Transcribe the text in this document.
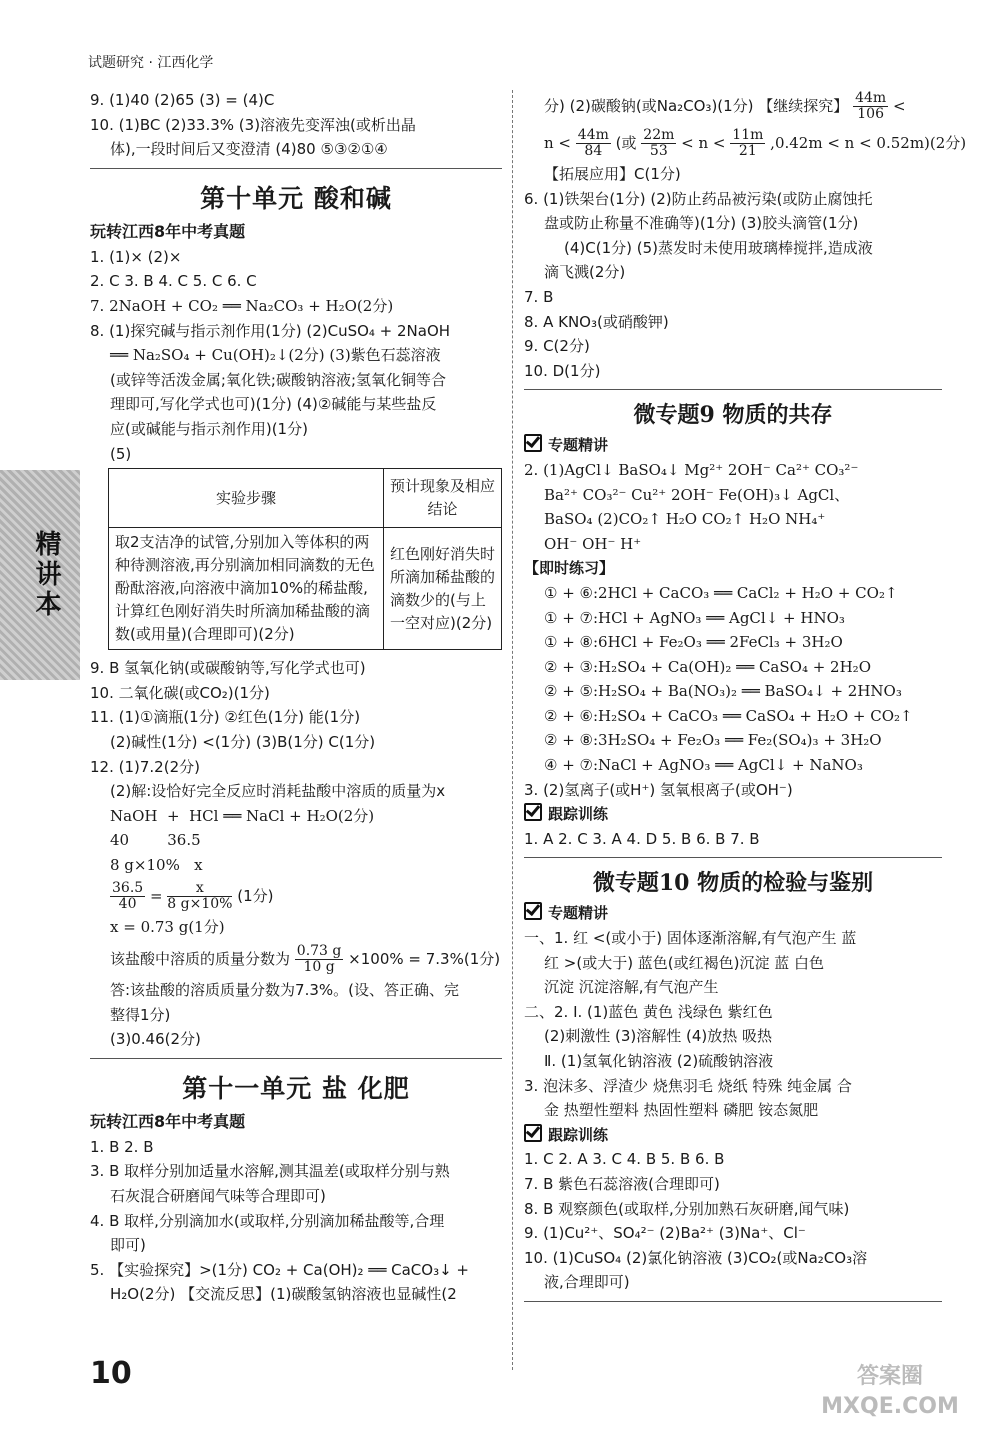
试题研究 · 江西化学
精讲本
9. (1)40 (2)65 (3) = (4)C
10. (1)BC (2)33.3% (3)溶液先变浑浊(或析出晶
体),一段时间后又变澄清 (4)80 ⑤③②①④
第十单元 酸和碱
玩转江西8年中考真题
1. (1)× (2)×
2. C 3. B 4. C 5. C 6. C
7. 2NaOH + CO₂ ══ Na₂CO₃ + H₂O(2分)
8. (1)探究碱与指示剂作用(1分) (2)CuSO₄ + 2NaOH
══ Na₂SO₄ + Cu(OH)₂↓(2分) (3)紫色石蕊溶液
(或锌等活泼金属;氧化铁;碳酸钠溶液;氢氧化铜等合
理即可,写化学式也可)(1分) (4)②碱能与某些盐反
应(或碱能与指示剂作用)(1分)
(5)
实验步骤	预计现象及相应结论
取2支洁净的试管,分别加入等体积的两种待测溶液,再分别滴加相同滴数的无色酚酞溶液,向溶液中滴加10%的稀盐酸,计算红色刚好消失时所滴加稀盐酸的滴数(或用量)(合理即可)(2分)	红色刚好消失时所滴加稀盐酸的滴数少的(与上一空对应)(2分)
9. B 氢氧化钠(或碳酸钠等,写化学式也可)
10. 二氧化碳(或CO₂)(1分)
11. (1)①滴瓶(1分) ②红色(1分) 能(1分)
(2)碱性(1分) <(1分) (3)B(1分) C(1分)
12. (1)7.2(2分)
(2)解:设恰好完全反应时消耗盐酸中溶质的质量为x
NaOH  +  HCl ══ NaCl + H₂O(2分)
40        36.5
8 g×10%   x
$\frac{36.5}{40} = \frac{x}{8 g\times 10\%} (1$分)
x = 0.73 g(1分)
该盐酸中溶质的质量分数为 $\frac{0.73 g}{10 g} \times 100\% = 7.3\%(1$分)
答:该盐酸的溶质质量分数为7.3%。(设、答正确、完
整得1分)
(3)0.46(2分)
第十一单元 盐 化肥
玩转江西8年中考真题
1. B 2. B
3. B 取样分别加适量水溶解,测其温差(或取样分别与熟
石灰混合研磨闻气味等合理即可)
4. B 取样,分别滴加水(或取样,分别滴加稀盐酸等,合理
即可)
5. 【实验探究】>(1分) CO₂ + Ca(OH)₂ ══ CaCO₃↓ +
H₂O(2分) 【交流反思】(1)碳酸氢钠溶液也显碱性(2
分) (2)碳酸钠(或Na₂CO₃)(1分) 【继续探究】 $\frac{44m}{106}$ <
$n < \frac{44m}{84}$ (或 $\frac{22m}{53} < n < \frac{11m}{21} ,0.42m < n < 0.52m)(2$分)
【拓展应用】C(1分)
6. (1)铁架台(1分) (2)防止药品被污染(或防止腐蚀托
盘或防止称量不准确等)(1分) (3)胶头滴管(1分)
(4)C(1分) (5)蒸发时未使用玻璃棒搅拌,造成液
滴飞溅(2分)
7. B
8. A KNO₃(或硝酸钾)
9. C(2分)
10. D(1分)
微专题9 物质的共存
专题精讲
2. (1)AgCl↓ BaSO₄↓ Mg²⁺ 2OH⁻ Ca²⁺ CO₃²⁻
Ba²⁺ CO₃²⁻ Cu²⁺ 2OH⁻ Fe(OH)₃↓ AgCl、
BaSO₄ (2)CO₂↑ H₂O CO₂↑ H₂O NH₄⁺
OH⁻ OH⁻ H⁺
【即时练习】
① + ⑥:2HCl + CaCO₃ ══ CaCl₂ + H₂O + CO₂↑
① + ⑦:HCl + AgNO₃ ══ AgCl↓ + HNO₃
① + ⑧:6HCl + Fe₂O₃ ══ 2FeCl₃ + 3H₂O
② + ③:H₂SO₄ + Ca(OH)₂ ══ CaSO₄ + 2H₂O
② + ⑤:H₂SO₄ + Ba(NO₃)₂ ══ BaSO₄↓ + 2HNO₃
② + ⑥:H₂SO₄ + CaCO₃ ══ CaSO₄ + H₂O + CO₂↑
② + ⑧:3H₂SO₄ + Fe₂O₃ ══ Fe₂(SO₄)₃ + 3H₂O
④ + ⑦:NaCl + AgNO₃ ══ AgCl↓ + NaNO₃
3. (2)氢离子(或H⁺) 氢氧根离子(或OH⁻)
跟踪训练
1. A 2. C 3. A 4. D 5. B 6. B 7. B
微专题10 物质的检验与鉴别
专题精讲
一、1. 红 <(或小于) 固体逐渐溶解,有气泡产生 蓝
红 >(或大于) 蓝色(或红褐色)沉淀 蓝 白色
沉淀 沉淀溶解,有气泡产生
二、2. Ⅰ. (1)蓝色 黄色 浅绿色 紫红色
(2)刺激性 (3)溶解性 (4)放热 吸热
Ⅱ. (1)氢氧化钠溶液 (2)硫酸钠溶液
3. 泡沫多、浮渣少 烧焦羽毛 烧纸 特殊 纯金属 合
金 热塑性塑料 热固性塑料 磷肥 铵态氮肥
跟踪训练
1. C 2. A 3. C 4. B 5. B 6. B
7. B 紫色石蕊溶液(合理即可)
8. B 观察颜色(或取样,分别加熟石灰研磨,闻气味)
9. (1)Cu²⁺、SO₄²⁻ (2)Ba²⁺ (3)Na⁺、Cl⁻
10. (1)CuSO₄ (2)氯化钠溶液 (3)CO₂(或Na₂CO₃溶
液,合理即可)
10	答案圈 MXQE.COM
